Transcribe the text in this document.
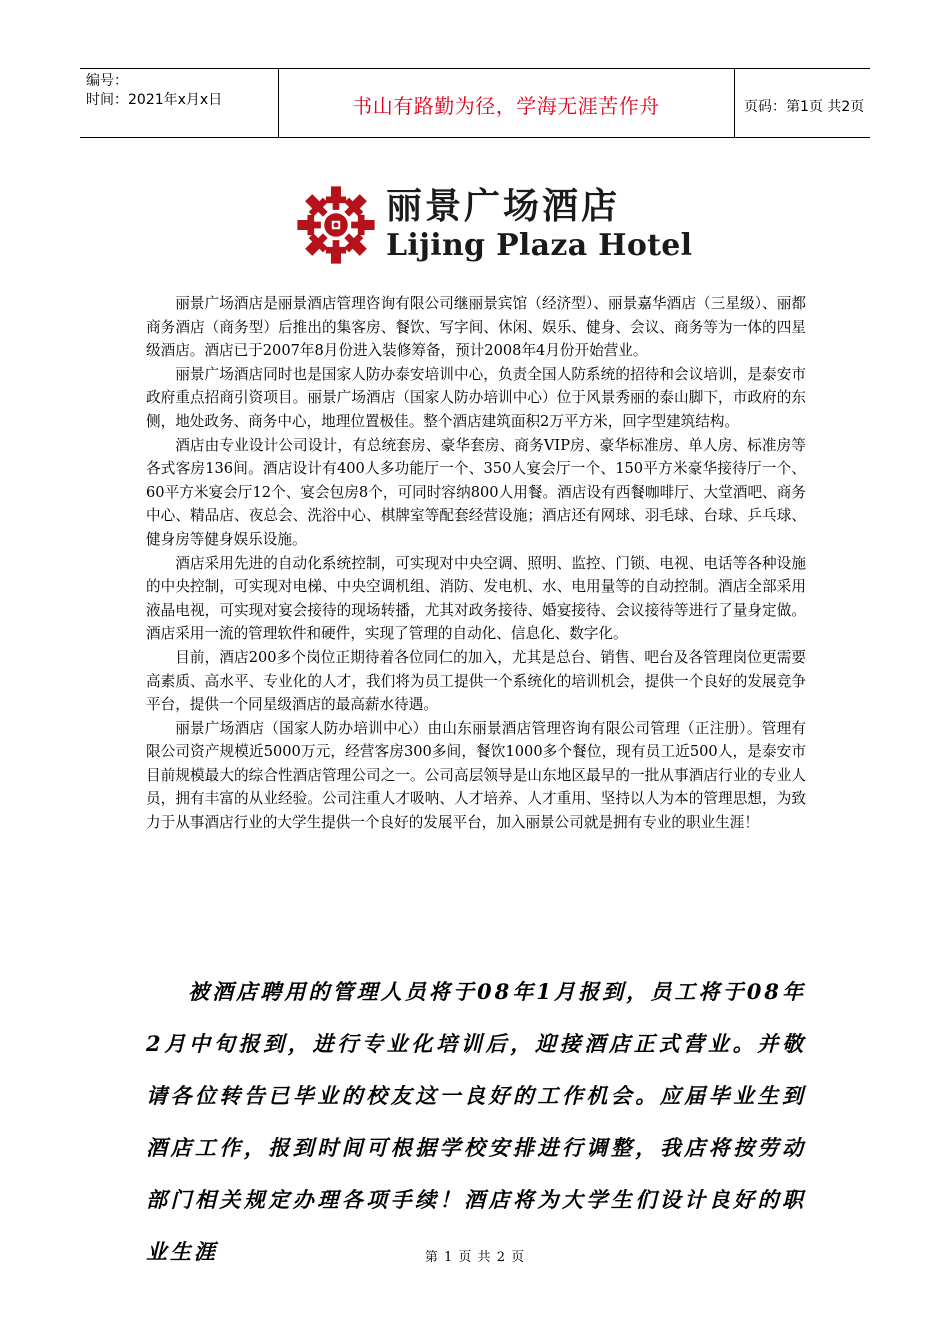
编号：
时间：2021年x月x日	书山有路勤为径，学海无涯苦作舟	页码：第1页 共2页
丽景广场酒店
Lijing Plaza Hotel

丽景广场酒店是丽景酒店管理咨询有限公司继丽景宾馆（经济型）、丽景嘉华酒店（三星级）、丽都商务酒店（商务型）后推出的集客房、餐饮、写字间、休闲、娱乐、健身、会议、商务等为一体的四星级酒店。酒店已于2007年8月份进入装修筹备，预计2008年4月份开始营业。

丽景广场酒店同时也是国家人防办泰安培训中心，负责全国人防系统的招待和会议培训，是泰安市政府重点招商引资项目。丽景广场酒店（国家人防办培训中心）位于风景秀丽的泰山脚下，市政府的东侧，地处政务、商务中心，地理位置极佳。整个酒店建筑面积2万平方米，回字型建筑结构。

酒店由专业设计公司设计，有总统套房、豪华套房、商务VIP房、豪华标准房、单人房、标准房等各式客房136间。酒店设计有400人多功能厅一个、350人宴会厅一个、150平方米豪华接待厅一个、60平方米宴会厅12个、宴会包房8个，可同时容纳800人用餐。酒店设有西餐咖啡厅、大堂酒吧、商务中心、精品店、夜总会、洗浴中心、棋牌室等配套经营设施；酒店还有网球、羽毛球、台球、乒乓球、健身房等健身娱乐设施。

酒店采用先进的自动化系统控制，可实现对中央空调、照明、监控、门锁、电视、电话等各种设施的中央控制，可实现对电梯、中央空调机组、消防、发电机、水、电用量等的自动控制。酒店全部采用液晶电视，可实现对宴会接待的现场转播，尤其对政务接待、婚宴接待、会议接待等进行了量身定做。酒店采用一流的管理软件和硬件，实现了管理的自动化、信息化、数字化。

目前，酒店200多个岗位正期待着各位同仁的加入，尤其是总台、销售、吧台及各管理岗位更需要高素质、高水平、专业化的人才，我们将为员工提供一个系统化的培训机会，提供一个良好的发展竞争平台，提供一个同星级酒店的最高薪水待遇。

丽景广场酒店（国家人防办培训中心）由山东丽景酒店管理咨询有限公司管理（正注册）。管理有限公司资产规模近5000万元，经营客房300多间，餐饮1000多个餐位，现有员工近500人，是泰安市目前规模最大的综合性酒店管理公司之一。公司高层领导是山东地区最早的一批从事酒店行业的专业人员，拥有丰富的从业经验。公司注重人才吸呐、人才培养、人才重用、坚持以人为本的管理思想，为致力于从事酒店行业的大学生提供一个良好的发展平台，加入丽景公司就是拥有专业的职业生涯！

被酒店聘用的管理人员将于08年1月报到，员工将于08年2月中旬报到，进行专业化培训后，迎接酒店正式营业。并敬请各位转告已毕业的校友这一良好的工作机会。应届毕业生到酒店工作，报到时间可根据学校安排进行调整，我店将按劳动部门相关规定办理各项手续！酒店将为大学生们设计良好的职业生涯	第 1 页 共 2 页
